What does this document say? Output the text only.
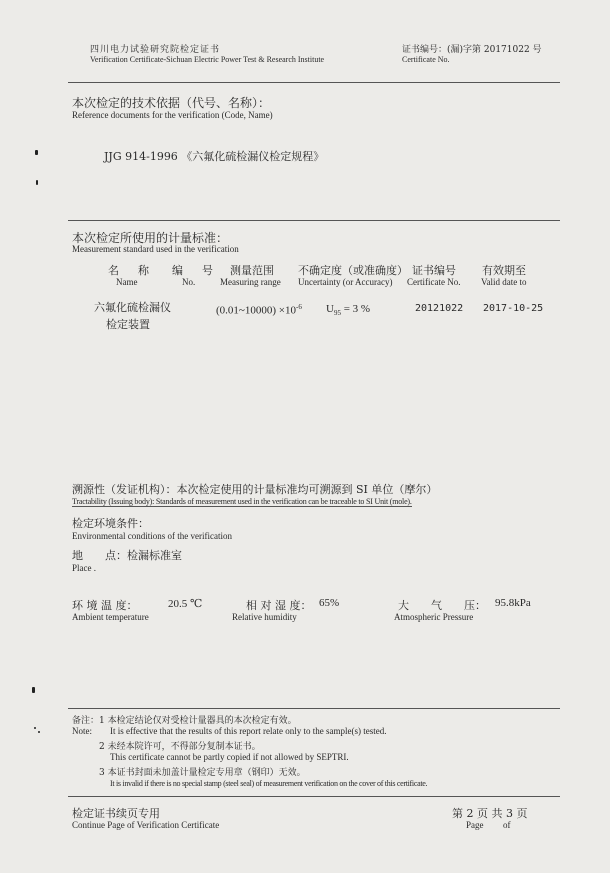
四川电力试验研究院检定证书
Verification Certificate-Sichuan Electric Power Test & Research Institute
证书编号：(漏)字第 20171022 号
Certificate No.
本次检定的技术依据（代号、名称）：
Reference documents for the verification (Code, Name)
JJG 914-1996 《六氟化硫检漏仪检定规程》
本次检定所使用的计量标准：
Measurement standard used in the verification
名　称
Name
编　号
No.
测量范围
Measuring range
不确定度（或准确度）
Uncertainty (or Accuracy)
证书编号
Certificate No.
有效期至
Valid date to
六氟化硫检漏仪
检定装置
(0.01~10000) $\times 10^{-6}$ $U_{95} = 3$ %	20121022 2017-10-25
溯源性（发证机构）：本次检定使用的计量标准均可溯源到 SI 单位（摩尔）
Tractability (Issuing body): Standards of measurement used in the verification can be traceable to SI Unit (mole).
检定环境条件：
Environmental conditions of the verification
地　　点：检漏标准室
Place .
环 境 温 度：	20.5 ℃
Ambient temperature
相 对 湿 度： 65%
Relative humidity
大　　气　　压： 95.8kPa
Atmospheric Pressure
备注： 1 本检定结论仅对受检计量器具的本次检定有效。
Note: It is effective that the results of this report relate only to the sample(s) tested.
2 未经本院许可，不得部分复制本证书。
This certificate cannot be partly copied if not allowed by SEPTRI.
3 本证书封面未加盖计量检定专用章（钢印）无效。
It is invalid if there is no special stamp (steel seal) of measurement verification on the cover of this certificate.
检定证书续页专用
Continue Page of Verification Certificate
第 2 页 共 3 页
Page of
